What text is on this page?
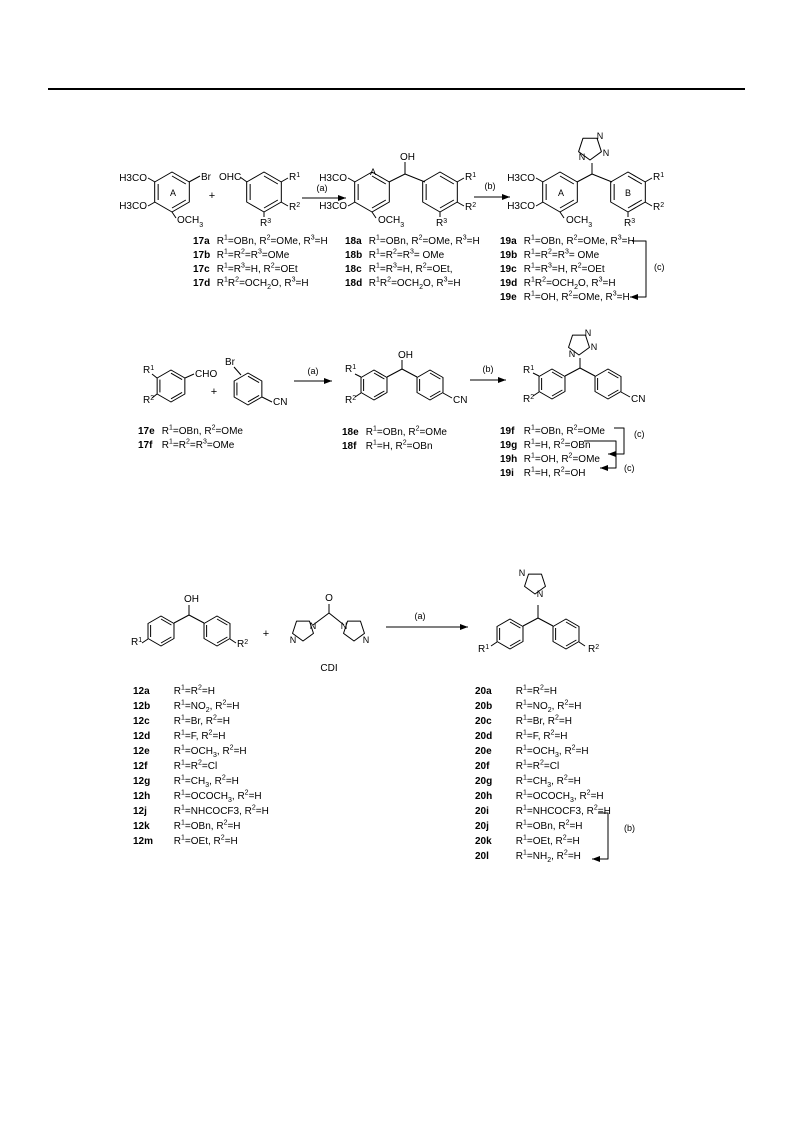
Br
H3CO
H3CO
$OCH_3$
A	+
OHC	$R^1$
$R^2$
$R^3$
(a)
H3CO
H3CO
$OCH_3$
A
OH
$R^1$
$R^2$
$R^3$
(b)
H3CO
H3CO
$OCH_3$
A	B
$R^1$
$R^2$
$R^3$
N N
N
(c)
CHO
$R^1$
$R^2$	+
Br
CN
(a)	$R^1$
$R^2$
OH
CN
(b)	$R^1$
$R^2$	CN
N
N
N
(c)
(c)
$R^1$
OH
$R^2$
+
O
N	N
N	N
CDI
(a)
$R^1$	$R^2$
N
N
(b)
17a $R^1=OBn$, $R^2=OMe$, $R^3=H$
17b $R^1=R^2=R^3=OMe$
17c $R^1=R^3=H$, $R^2=OEt$
17d $R^1R^2=OCH_2O$, $R^3=H$
18a $R^1=OBn$, $R^2=OMe$, $R^3=H$
18b $R^1=R^2=R^3=$ OMe
18c $R^1=R^3=H$, $R^2=OEt$,
18d $R^1R^2=OCH_2O$, $R^3=H$
19a $R^1=OBn$, $R^2=OMe$, $R^3=H$
19b $R^1=R^2=R^3=$ OMe
19c $R^1=R^3=H$, $R^2=OEt$
19d $R^1R^2=OCH_2O$, $R^3=H$
19e $R^1=OH$, $R^2=OMe$, $R^3=H$
17e $R^1=OBn$, $R^2=OMe$
17f $R^1=R^2=R^3=OMe$
18e $R^1=OBn$, $R^2=OMe$
18f $R^1=H$, $R^2=OBn$
19f $R^1=OBn$, $R^2=OMe$
19g $R^1=H$, $R^2=OBn$
19h $R^1=OH$, $R^2=OMe$
19i $R^1=H$, $R^2=OH$
12a $R^1=R^2=H$
12b $R^1=NO_2$, $R^2=H$
12c $R^1=Br$, $R^2=H$
12d $R^1=F$, $R^2=H$
12e $R^1=OCH_3$, $R^2=H$
12f	$R^1=R^2=Cl$
12g $R^1=CH_3$, $R^2=H$
12h $R^1=OCOCH_3$, $R^2=H$
12j	$R^1=NHCOCF3$, $R^2=H$
12k $R^1=OBn$, $R^2=H$
12m $R^1=OEt$, $R^2=H$
20a $R^1=R^2=H$
20b $R^1=NO_2$, $R^2=H$
20c $R^1=Br$, $R^2=H$
20d $R^1=F$, $R^2=H$
20e $R^1=OCH_3$, $R^2=H$
20f	$R^1=R^2=Cl$
20g $R^1=CH_3$, $R^2=H$
20h $R^1=OCOCH_3$, $R^2=H$
20i	$R^1=NHCOCF3$, $R^2=H$
20j	$R^1=OBn$, $R^2=H$
20k $R^1=OEt$, $R^2=H$
20l	$R^1=NH_2$, $R^2=H$
